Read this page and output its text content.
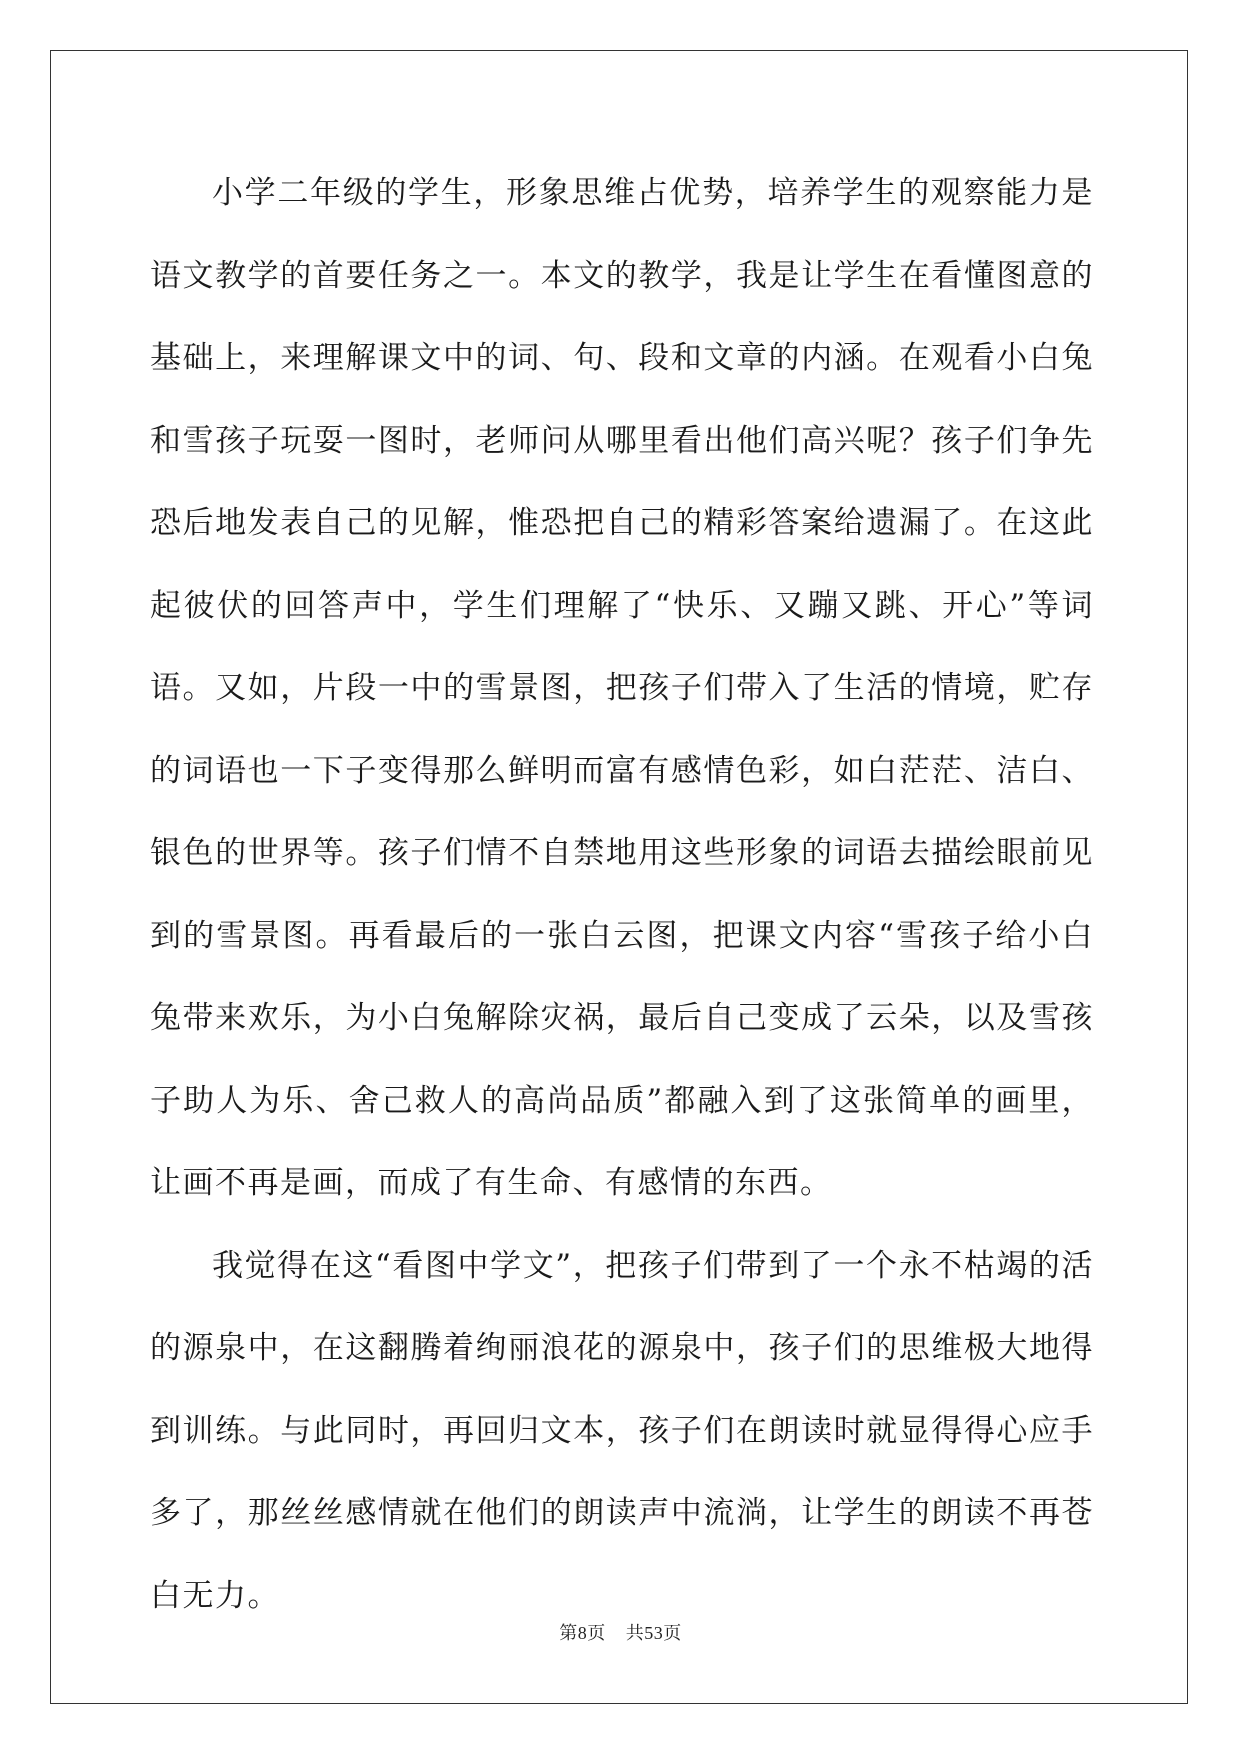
小学二年级的学生，形象思维占优势，培养学生的观察能力是语文教学的首要任务之一。本文的教学，我是让学生在看懂图意的基础上，来理解课文中的词、句、段和文章的内涵。在观看小白兔和雪孩子玩耍一图时，老师问从哪里看出他们高兴呢？孩子们争先恐后地发表自己的见解，惟恐把自己的精彩答案给遗漏了。在这此起彼伏的回答声中，学生们理解了“快乐、又蹦又跳、开心”等词语。又如，片段一中的雪景图，把孩子们带入了生活的情境，贮存的词语也一下子变得那么鲜明而富有感情色彩，如白茫茫、洁白、银色的世界等。孩子们情不自禁地用这些形象的词语去描绘眼前见到的雪景图。再看最后的一张白云图，把课文内容“雪孩子给小白兔带来欢乐，为小白兔解除灾祸，最后自己变成了云朵，以及雪孩子助人为乐、舍己救人的高尚品质”都融入到了这张简单的画里，让画不再是画，而成了有生命、有感情的东西。

我觉得在这“看图中学文”，把孩子们带到了一个永不枯竭的活的源泉中，在这翻腾着绚丽浪花的源泉中，孩子们的思维极大地得到训练。与此同时，再回归文本，孩子们在朗读时就显得得心应手多了，那丝丝感情就在他们的朗读声中流淌，让学生的朗读不再苍白无力。

第8页 共53页
